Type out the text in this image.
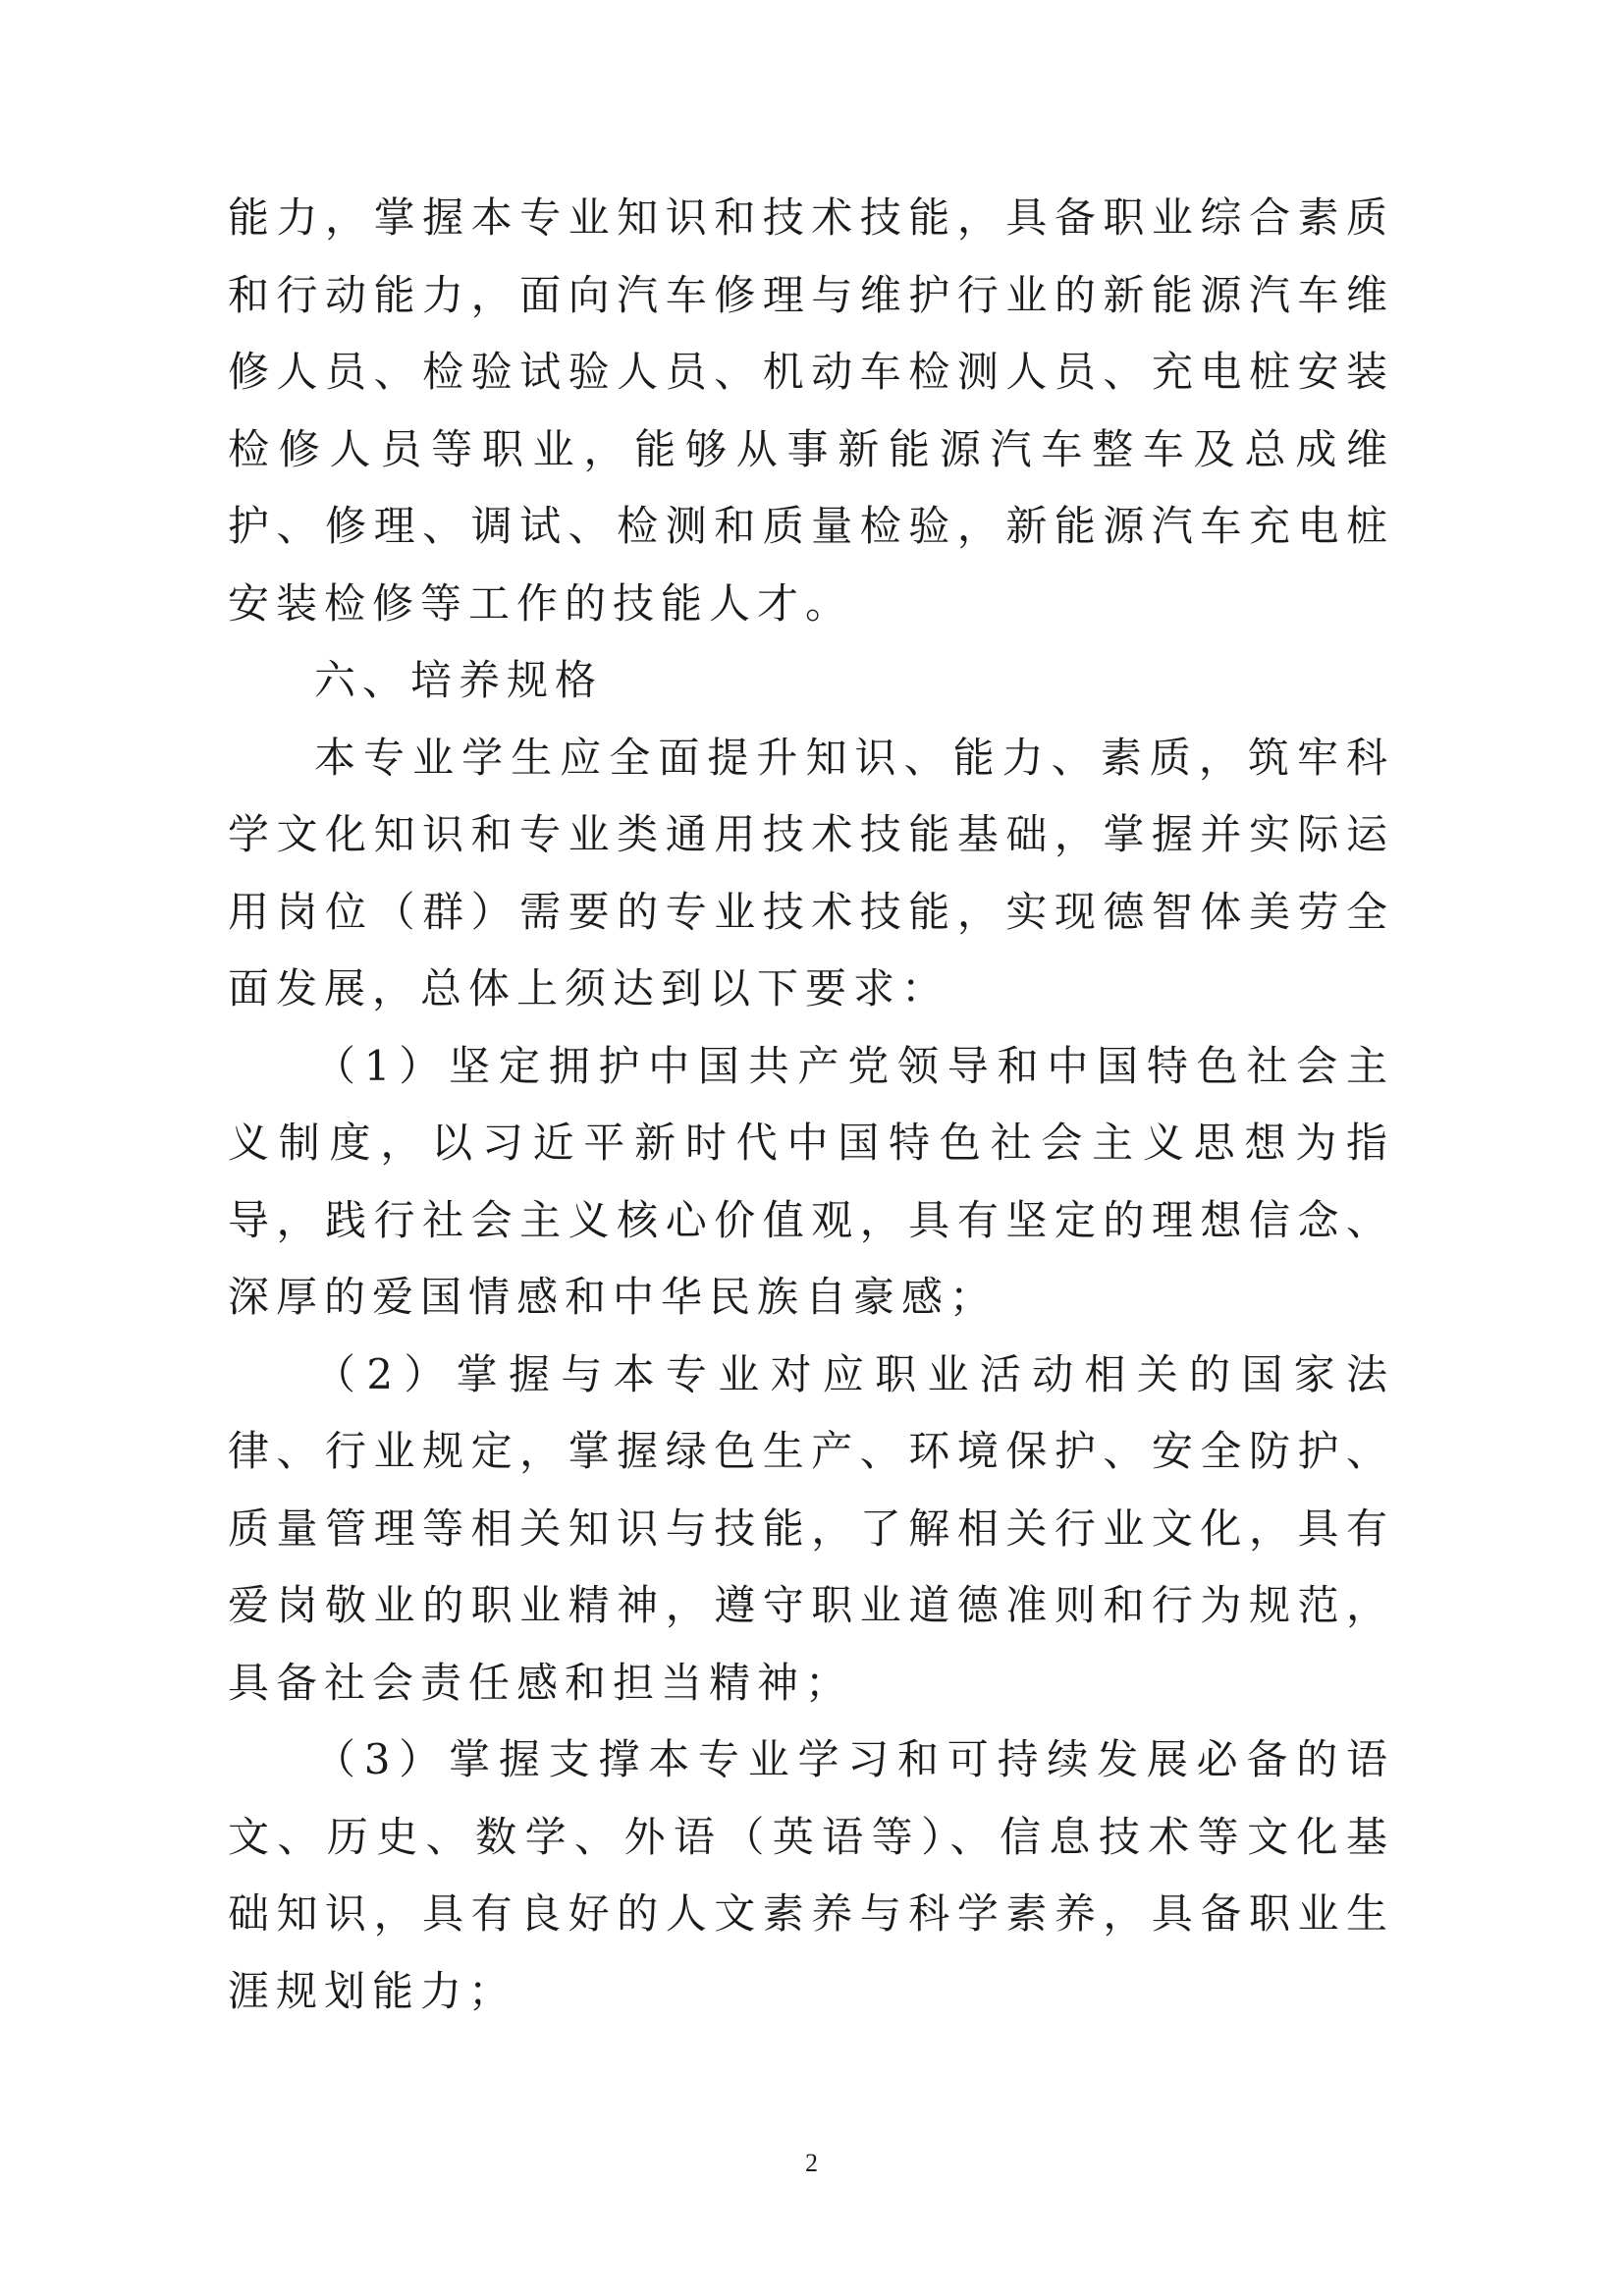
能力，掌握本专业知识和技术技能，具备职业综合素质和行动能力，面向汽车修理与维护行业的新能源汽车维修人员、检验试验人员、机动车检测人员、充电桩安装检修人员等职业，能够从事新能源汽车整车及总成维护、修理、调试、检测和质量检验，新能源汽车充电桩安装检修等工作的技能人才。

六、培养规格

本专业学生应全面提升知识、能力、素质，筑牢科学文化知识和专业类通用技术技能基础，掌握并实际运用岗位（群）需要的专业技术技能，实现德智体美劳全面发展，总体上须达到以下要求：

（1）坚定拥护中国共产党领导和中国特色社会主义制度，以习近平新时代中国特色社会主义思想为指导，践行社会主义核心价值观，具有坚定的理想信念、深厚的爱国情感和中华民族自豪感；

（2）掌握与本专业对应职业活动相关的国家法律、行业规定，掌握绿色生产、环境保护、安全防护、质量管理等相关知识与技能，了解相关行业文化，具有爱岗敬业的职业精神，遵守职业道德准则和行为规范，具备社会责任感和担当精神；

（3）掌握支撑本专业学习和可持续发展必备的语文、历史、数学、外语（英语等）、信息技术等文化基础知识，具有良好的人文素养与科学素养，具备职业生涯规划能力；

2
